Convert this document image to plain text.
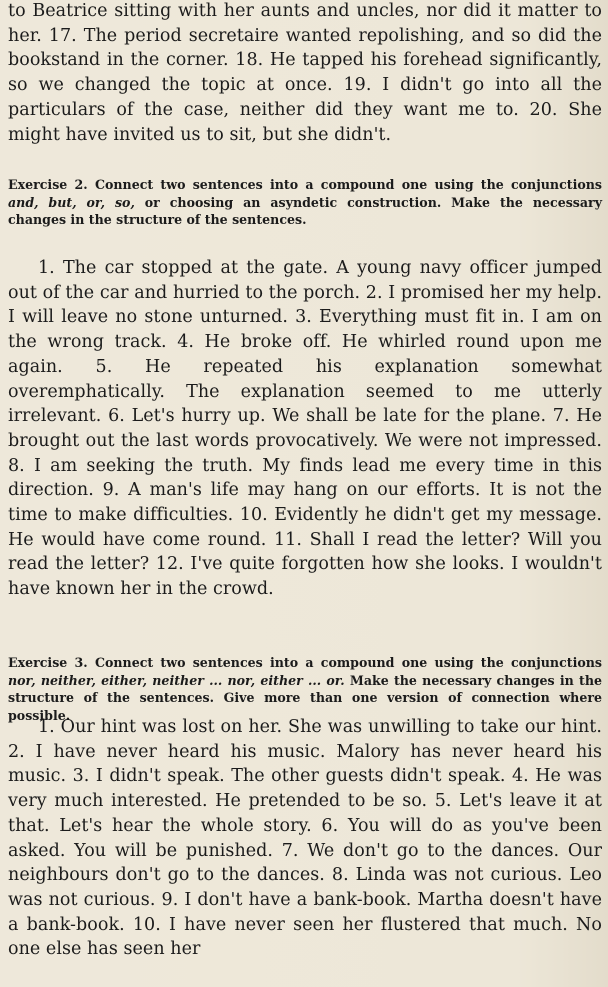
to Beatrice sitting with her aunts and uncles, nor did it matter to her. 17. The period secretaire wanted repolishing, and so did the bookstand in the corner. 18. He tapped his forehead significantly, so we changed the topic at once. 19. I didn't go into all the particulars of the case, neither did they want me to. 20. She might have invited us to sit, but she didn't.

Exercise 2. Connect two sentences into a compound one using the conjunctions and, but, or, so, or choosing an asyndetic construction. Make the necessary changes in the structure of the sentences.

1. The car stopped at the gate. A young navy officer jumped out of the car and hurried to the porch. 2. I promised her my help. I will leave no stone unturned. 3. Everything must fit in. I am on the wrong track. 4. He broke off. He whirled round upon me again. 5. He repeated his explanation somewhat overemphatically. The explanation seemed to me utterly irrelevant. 6. Let's hurry up. We shall be late for the plane. 7. He brought out the last words provocatively. We were not impressed. 8. I am seeking the truth. My finds lead me every time in this direction. 9. A man's life may hang on our efforts. It is not the time to make difficulties. 10. Evidently he didn't get my message. He would have come round. 11. Shall I read the letter? Will you read the letter? 12. I've quite forgotten how she looks. I wouldn't have known her in the crowd.

Exercise 3. Connect two sentences into a compound one using the conjunctions nor, neither, either, neither ... nor, either ... or. Make the necessary changes in the structure of the sentences. Give more than one version of connection where possible.

1. Our hint was lost on her. She was unwilling to take our hint. 2. I have never heard his music. Malory has never heard his music. 3. I didn't speak. The other guests didn't speak. 4. He was very much interested. He pretended to be so. 5. Let's leave it at that. Let's hear the whole story. 6. You will do as you've been asked. You will be punished. 7. We don't go to the dances. Our neighbours don't go to the dances. 8. Linda was not curious. Leo was not curious. 9. I don't have a bank-book. Martha doesn't have a bank-book. 10. I have never seen her flustered that much. No one else has seen her
